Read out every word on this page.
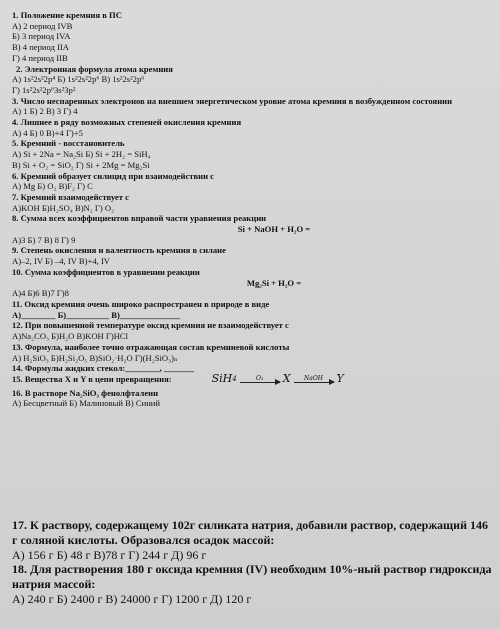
1. Положение кремния в ПС
А) 2 период IVB
Б) 3 период IVA
В) 4 период IIA
Г) 4 период IIB
2. Электронная формула атома кремния
А) 1s²2s²2p⁴ Б) 1s²2s²2p⁶ В) 1s²2s²2p⁶
Г) 1s²2s²2p⁶3s²3p²
3. Число неспаренных электронов на внешнем энергетическом уровне атома кремния в возбужденном состоянии
А) 1 Б) 2 В) 3 Г) 4
4. Лишнее в ряду возможных степеней окисления кремния
А) 4 Б) 0 В)+4 Г)+5
5. Кремний - восстановитель
А) Si + 2Na = Na₂Si Б) Si + 2H₂ = SiH₄
В) Si + O₂ = SiO₂ Г) Si + 2Mg = Mg₂Si
6. Кремний образует силицид при взаимодействии с
А) Mg Б) O₂ В)F₂ Г) C
7. Кремний взаимодействует с
А)KOH Б)H₂SO₄ В)N₂ Г) O₂
8. Сумма всех коэффициентов вправой части уравнения реакции
Si + NaOH + H₂O =
А)3 Б) 7 В) 8 Г) 9
9. Степень окисления и валентность кремния в силане
А)–2, IV Б) –4, IV В)+4, IV
10. Сумма коэффициентов в уравнении реакции
Mg₂Si + H₂O =
А)4 Б)6 В)7 Г)8
11. Оксид кремния очень широко распространен в природе в виде
А)________ Б)__________ В)______________
12. При повышенной температуре оксид кремния не взаимодействует с
А)Na₂CO₃ Б)H₂O В)KOH Г)HCl
13. Формула, наиболее точно отражающая состав кремниевой кислоты
А) H₂SiO₃ Б)H₂Si₂O₅ В)SiO₂·H₂O Г)(H₂SiO₃)ₙ
14. Формулы жидких стекол:________, _______
15. Вещества X и Y в цепи превращения:	SiH 4	O₂ X NaOH Y
16. В растворе Na₂SiO₃ фенолфталеин
А) Бесцветный Б) Малиновый В) Синий
17. К раствору, содержащему 102г силиката натрия, добавили раствор, содержащий 146 г соляной кислоты. Образовался осадок массой:
А) 156 г Б) 48 г В)78 г Г) 244 г Д) 96 г
18. Для растворения 180 г оксида кремния (IV) необходим 10%-ный раствор гидроксида натрия массой:
А) 240 г Б) 2400 г В) 24000 г Г) 1200 г Д) 120 г
